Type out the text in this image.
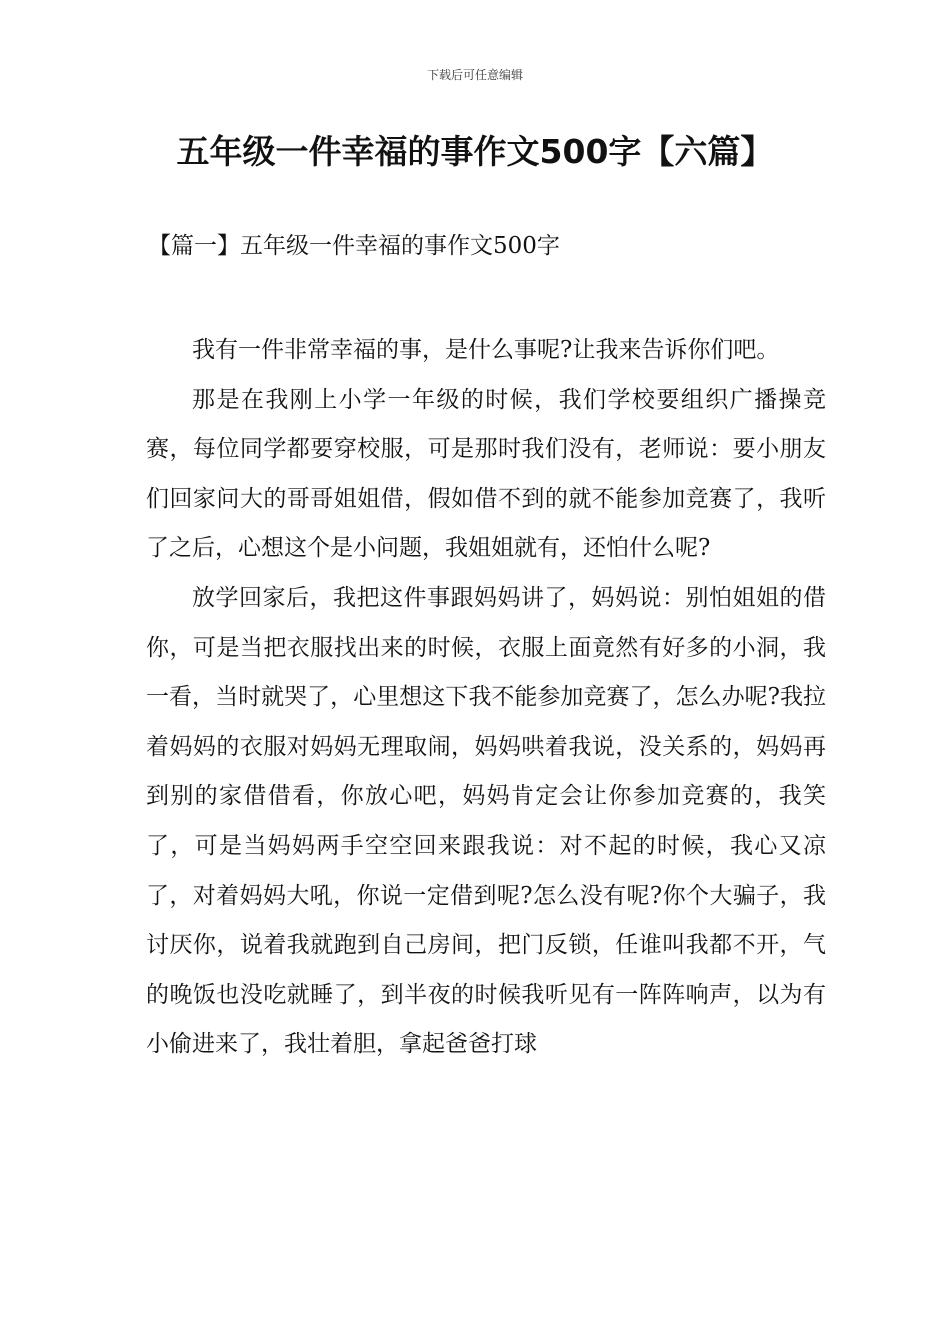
下载后可任意编辑
五年级一件幸福的事作文500字【六篇】
【篇一】五年级一件幸福的事作文500字

我有一件非常幸福的事，是什么事呢?让我来告诉你们吧。

那是在我刚上小学一年级的时候，我们学校要组织广播操竞赛，每位同学都要穿校服，可是那时我们没有，老师说：要小朋友们回家问大的哥哥姐姐借，假如借不到的就不能参加竞赛了，我听了之后，心想这个是小问题，我姐姐就有，还怕什么呢?

放学回家后，我把这件事跟妈妈讲了，妈妈说：别怕姐姐的借你，可是当把衣服找出来的时候，衣服上面竟然有好多的小洞，我一看，当时就哭了，心里想这下我不能参加竞赛了，怎么办呢?我拉着妈妈的衣服对妈妈无理取闹，妈妈哄着我说，没关系的，妈妈再到别的家借借看，你放心吧，妈妈肯定会让你参加竞赛的，我笑了，可是当妈妈两手空空回来跟我说：对不起的时候，我心又凉了，对着妈妈大吼，你说一定借到呢?怎么没有呢?你个大骗子，我讨厌你，说着我就跑到自己房间，把门反锁，任谁叫我都不开，气的晚饭也没吃就睡了，到半夜的时候我听见有一阵阵响声，以为有小偷进来了，我壮着胆，拿起爸爸打球
